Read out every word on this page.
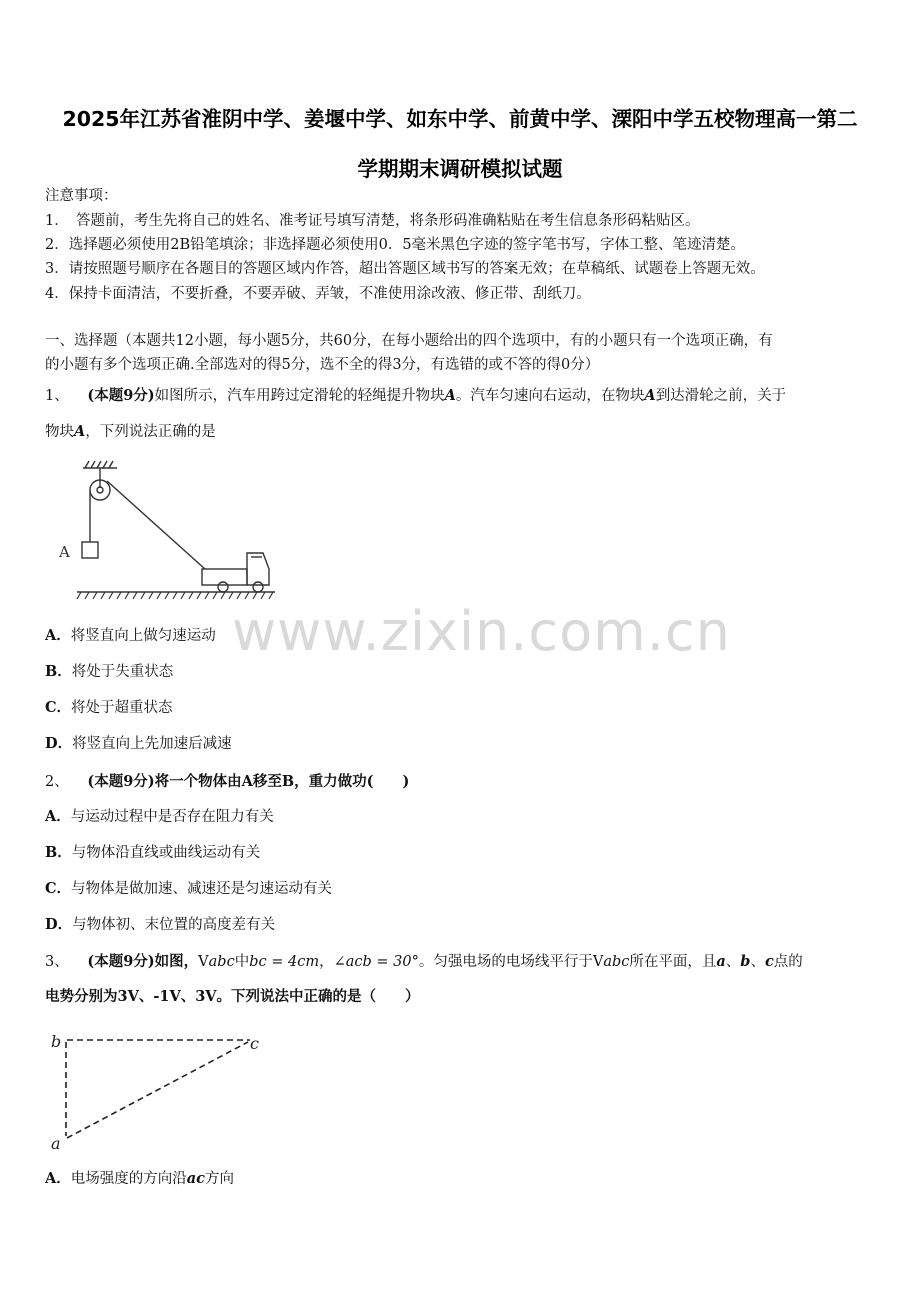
2025年江苏省淮阴中学、姜堰中学、如东中学、前黄中学、溧阳中学五校物理高一第二
学期期末调研模拟试题
注意事项：
1．　答题前，考生先将自己的姓名、准考证号填写清楚，将条形码准确粘贴在考生信息条形码粘贴区。
2．选择题必须使用2B铅笔填涂；非选择题必须使用0．5毫米黑色字迹的签字笔书写，字体工整、笔迹清楚。
3．请按照题号顺序在各题目的答题区域内作答，超出答题区域书写的答案无效；在草稿纸、试题卷上答题无效。
4．保持卡面清洁，不要折叠，不要弄破、弄皱，不准使用涂改液、修正带、刮纸刀。
一、选择题（本题共12小题，每小题5分，共60分，在每小题给出的四个选项中，有的小题只有一个选项正确，有
的小题有多个选项正确.全部选对的得5分，选不全的得3分，有选错的或不答的得0分）
1、 (本题9分)如图所示，汽车用跨过定滑轮的轻绳提升物块A。汽车匀速向右运动，在物块A到达滑轮之前，关于
物块A，下列说法正确的是
A
www.zixin.com.cn
A．将竖直向上做匀速运动
B．将处于失重状态
C．将处于超重状态
D．将竖直向上先加速后减速
2、 (本题9分)将一个物体由A移至B，重力做功(　　)
A．与运动过程中是否存在阻力有关
B．与物体沿直线或曲线运动有关
C．与物体是做加速、减速还是匀速运动有关
D．与物体初、末位置的高度差有关
3、 (本题9分)如图，Vabc中bc = 4cm，∠acb = 30°。匀强电场的电场线平行于Vabc所在平面，且a、b、c点的
电势分别为3V、-1V、3V。下列说法中正确的是（　　）
b	c
a
A．电场强度的方向沿ac方向
